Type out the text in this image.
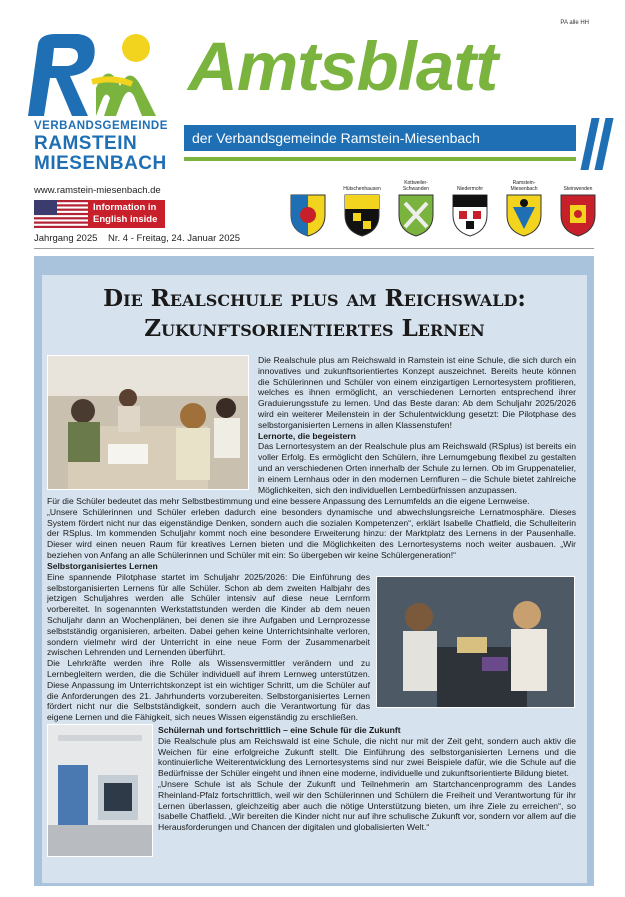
PA alle HH
VERBANDSGEMEINDE
RAMSTEIN
MIESENBACH
www.ramstein-miesenbach.de
Information in English inside
Jahrgang 2025 Nr. 4 - Freitag, 24. Januar 2025
Amtsblatt
der Verbandsgemeinde Ramstein-Miesenbach
Hütschenhausen
Kottweiler-Schwanden	Niedermohr
Ramstein-Miesenbach	Steinwenden
Die Realschule plus am Reichswald:
Zukunftsorientiertes Lernen

Die Realschule plus am Reichswald in Ramstein ist eine Schule, die sich durch ein innovatives und zukunftsorientiertes Konzept auszeichnet. Bereits heute können die Schülerinnen und Schüler von einem einzigartigen Lernortesystem profitieren, welches es ihnen ermöglicht, an verschiedenen Lernorten entsprechend ihrer Graduierungsstufe zu lernen. Und das Beste daran: Ab dem Schuljahr 2025/2026 wird ein weiterer Meilenstein in der Schulentwicklung gesetzt: Die Pilotphase des selbstorganisierten Lernens in allen Klassenstufen!

Lernorte, die begeistern

Das Lernortesystem an der Realschule plus am Reichswald (RSplus) ist bereits ein voller Erfolg. Es ermöglicht den Schülern, ihre Lernumgebung flexibel zu gestalten und an verschiedenen Orten innerhalb der Schule zu lernen. Ob im Gruppenatelier, in einem Lernhaus oder in den modernen Lernfluren – die Schule bietet zahlreiche Möglichkeiten, sich den individuellen Lernbedürfnissen anzupassen.

Für die Schüler bedeutet das mehr Selbstbestimmung und eine bessere Anpassung des Lernumfelds an die eigene Lernweise.

„Unsere Schülerinnen und Schüler erleben dadurch eine besonders dynamische und abwechslungsreiche Lernatmosphäre. Dieses System fördert nicht nur das eigenständige Denken, sondern auch die sozialen Kompetenzen“, erklärt Isabelle Chatfield, die Schulleiterin der RSplus. Im kommenden Schuljahr kommt noch eine besondere Erweiterung hinzu: der Marktplatz des Lernens in der Pausenhalle. Dieser wird einen neuen Raum für kreatives Lernen bieten und die Möglichkeiten des Lernortesystems noch weiter ausbauen. „Wir beziehen von Anfang an alle Schülerinnen und Schüler mit ein: So übergeben wir keine Schülergeneration!“

Selbstorganisiertes Lernen

Eine spannende Pilotphase startet im Schuljahr 2025/2026: Die Einführung des selbstorganisierten Lernens für alle Schüler. Schon ab dem zweiten Halbjahr des jetzigen Schuljahres werden alle Schüler intensiv auf diese neue Lernform vorbereitet. In sogenannten Werkstattstunden werden die Kinder ab dem neuen Schuljahr dann an Wochenplänen, bei denen sie ihre Aufgaben und Lernprozesse selbstständig organisieren, arbeiten. Dabei gehen keine Unterrichtsinhalte verloren, sondern vielmehr wird der Unterricht in eine neue Form der Zusammenarbeit zwischen Lehrenden und Lernenden überführt.

Die Lehrkräfte werden ihre Rolle als Wissensvermittler verändern und zu Lernbegleitern werden, die die Schüler individuell auf ihrem Lernweg unterstützen. Diese Anpassung im Unterrichtskonzept ist ein wichtiger Schritt, um die Schüler auf die Anforderungen des 21. Jahrhunderts vorzubereiten. Selbstorganisiertes Lernen fördert nicht nur die Selbstständigkeit, sondern auch die Verantwortung für das eigene Lernen und die Fähigkeit, sich neues Wissen eigenständig zu erschließen.

Schülernah und fortschrittlich – eine Schule für die Zukunft

Die Realschule plus am Reichswald ist eine Schule, die nicht nur mit der Zeit geht, sondern auch aktiv die Weichen für eine erfolgreiche Zukunft stellt. Die Einführung des selbstorganisierten Lernens und die kontinuierliche Weiterentwicklung des Lernortesystems sind nur zwei Beispiele dafür, wie die Schule auf die Bedürfnisse der Schüler eingeht und ihnen eine moderne, individuelle und zukunftsorientierte Bildung bietet.

„Unsere Schule ist als Schule der Zukunft und Teilnehmerin am Startchancenprogramm des Landes Rheinland-Pfalz fortschrittlich, weil wir den Schülerinnen und Schülern die Freiheit und Verantwortung für ihr Lernen überlassen, gleichzeitig aber auch die nötige Unterstützung bieten, um ihre Ziele zu erreichen“, so Isabelle Chatfield. „Wir bereiten die Kinder nicht nur auf ihre schulische Zukunft vor, sondern vor allem auf die Herausforderungen und Chancen der digitalen und globalisierten Welt.“
